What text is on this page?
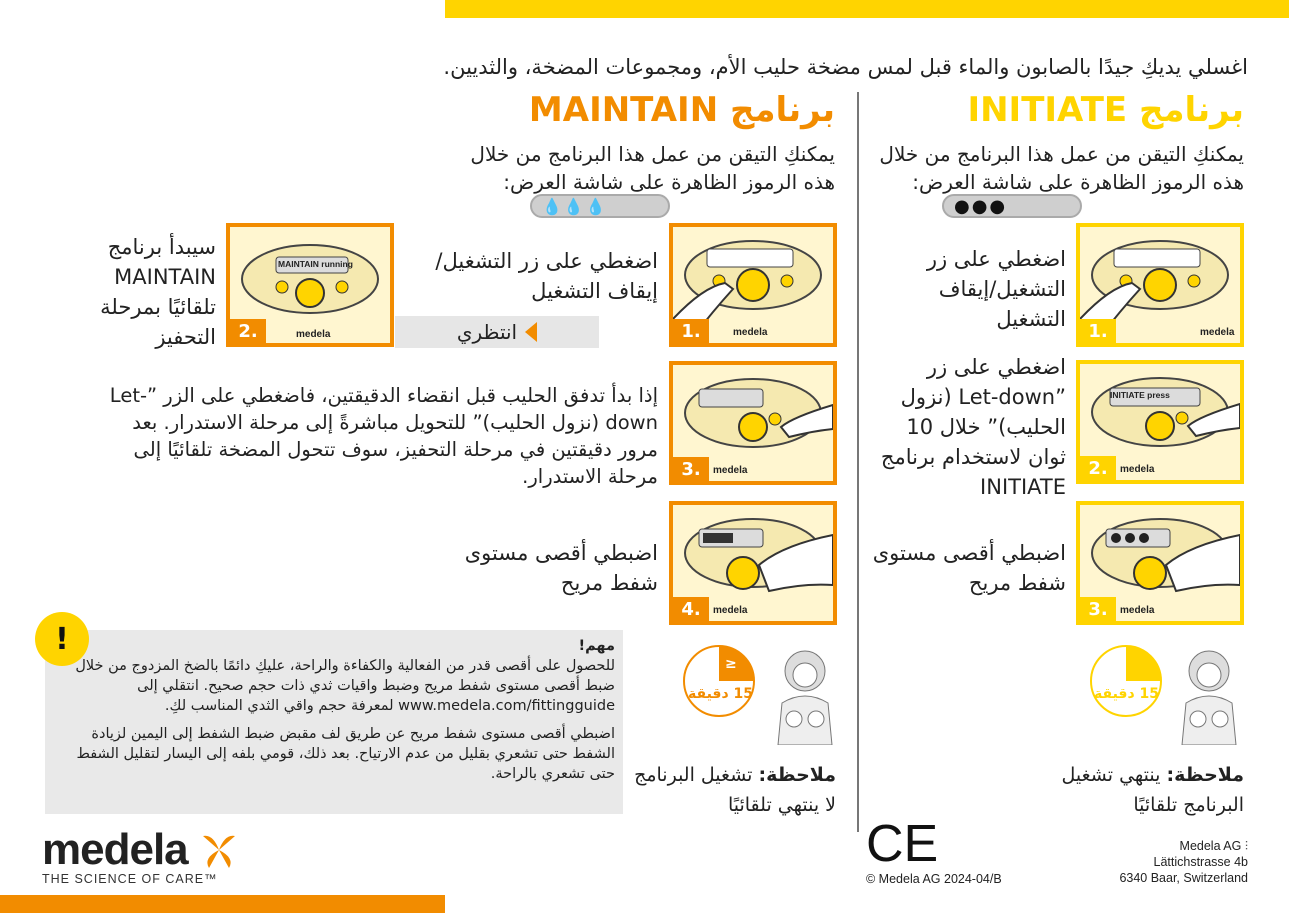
اغسلي يديكِ جيدًا بالصابون والماء قبل لمس مضخة حليب الأم، ومجموعات المضخة، والثديين.
برنامج INITIATE
يمكنكِ التيقن من عمل هذا البرنامج من خلال هذه الرموز الظاهرة على شاشة العرض:
●●●
medela
1.
اضغطي على زر التشغيل/إيقاف التشغيل
medela
INITIATE press
2.
اضغطي على زر ”Let-down (نزول الحليب)” خلال 10 ثوان لاستخدام برنامج INITIATE
medela
3.
اضبطي أقصى مستوى شفط مريح
15 دقيقة
ملاحظة: ينتهي تشغيل البرنامج تلقائيًا
برنامج MAINTAIN
يمكنكِ التيقن من عمل هذا البرنامج من خلال هذه الرموز الظاهرة على شاشة العرض:
💧💧💧
medela
1.
اضغطي على زر التشغيل/إيقاف التشغيل
انتظري
medela
MAINTAIN running
2.
سيبدأ برنامج MAINTAIN تلقائيًا بمرحلة التحفيز
medela
3.
إذا بدأ تدفق الحليب قبل انقضاء الدقيقتين، فاضغطي على الزر ”Let-down (نزول الحليب)” للتحويل مباشرةً إلى مرحلة الاستدرار. بعد مرور دقيقتين في مرحلة التحفيز، سوف تتحول المضخة تلقائيًا إلى مرحلة الاستدرار.
medela
4.
اضبطي أقصى مستوى شفط مريح
≥
15 دقيقة
ملاحظة: تشغيل البرنامج لا ينتهي تلقائيًا
!	مهم!
للحصول على أقصى قدر من الفعالية والكفاءة والراحة، عليكِ دائمًا بالضخ المزدوج من خلال ضبط أقصى مستوى شفط مريح وضبط واقيات ثدي ذات حجم صحيح. انتقلي إلى www.medela.com/fittingguide لمعرفة حجم واقي الثدي المناسب لكِ.
اضبطي أقصى مستوى شفط مريح عن طريق لف مقبض ضبط الشفط إلى اليمين لزيادة الشفط حتى تشعري بقليل من عدم الارتياح. بعد ذلك، قومي بلفه إلى اليسار لتقليل الشفط حتى تشعري بالراحة.
medela
THE SCIENCE OF CARE™
CE
© Medela AG 2024-04/B
Medela AG ⫶
Lättichstrasse 4b
6340 Baar, Switzerland
